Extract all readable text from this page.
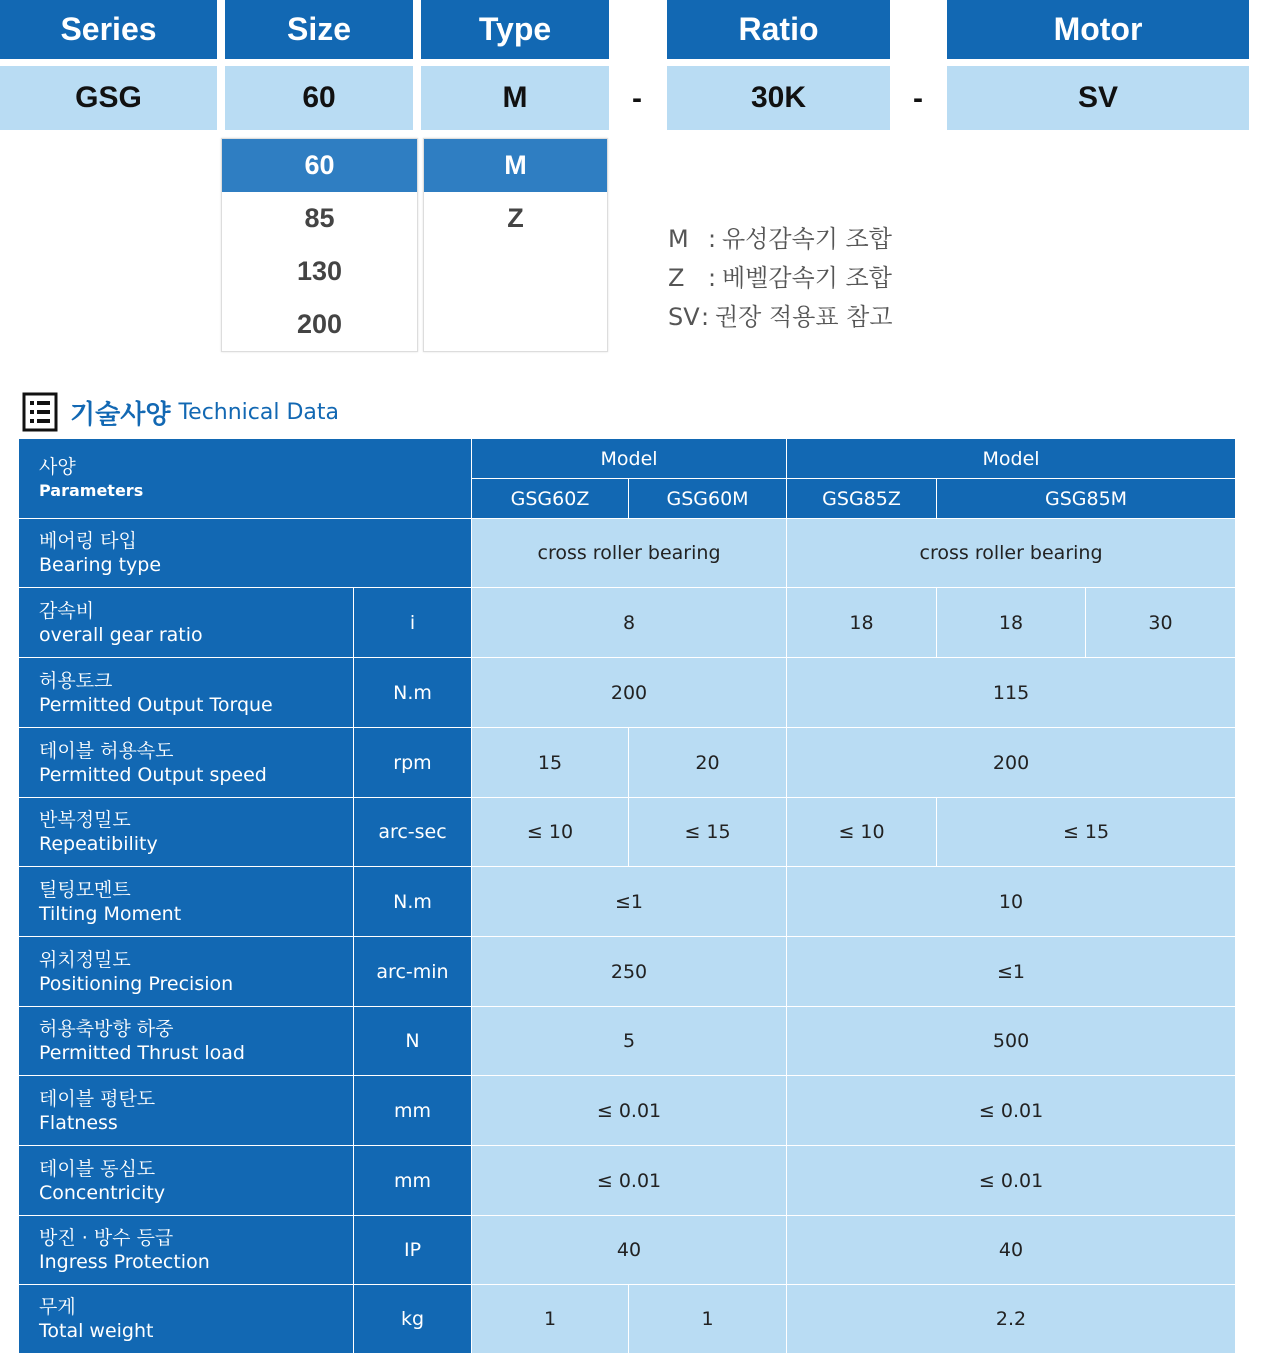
Series	Size	Type	Ratio	Motor
GSG	60	M	-	30K	-	SV
60
85
130
200
M
Z
M : 유성감속기 조합
Z : 베벨감속기 조합
SV : 권장 적용표 참고
기술사양 Technical Data
사양
Parameters		Model		Model		
		GSG60Z	GSG60M	GSG85Z	GSG85M	

베어링 타입
Bearing type		cross roller bearing		cross roller bearing		

감속비
overall gear ratio	i	8		18	18	30

허용토크
Permitted Output Torque	N.m	200		115		

테이블 허용속도
Permitted Output speed	rpm	15	20	200		

반복정밀도
Repeatibility	arc-sec	≤ 10	≤ 15	≤ 10	≤ 15	

틸팅모멘트
Tilting Moment	N.m	≤1		10		

위치정밀도
Positioning Precision	arc-min	250		≤1		

허용축방향 하중
Permitted Thrust load	N	5		500		

테이블 평탄도
Flatness	mm	≤ 0.01		≤ 0.01		

테이블 동심도
Concentricity	mm	≤ 0.01		≤ 0.01		

방진 · 방수 등급
Ingress Protection	IP	40		40		

무게
Total weight	kg	1	1	2.2		
